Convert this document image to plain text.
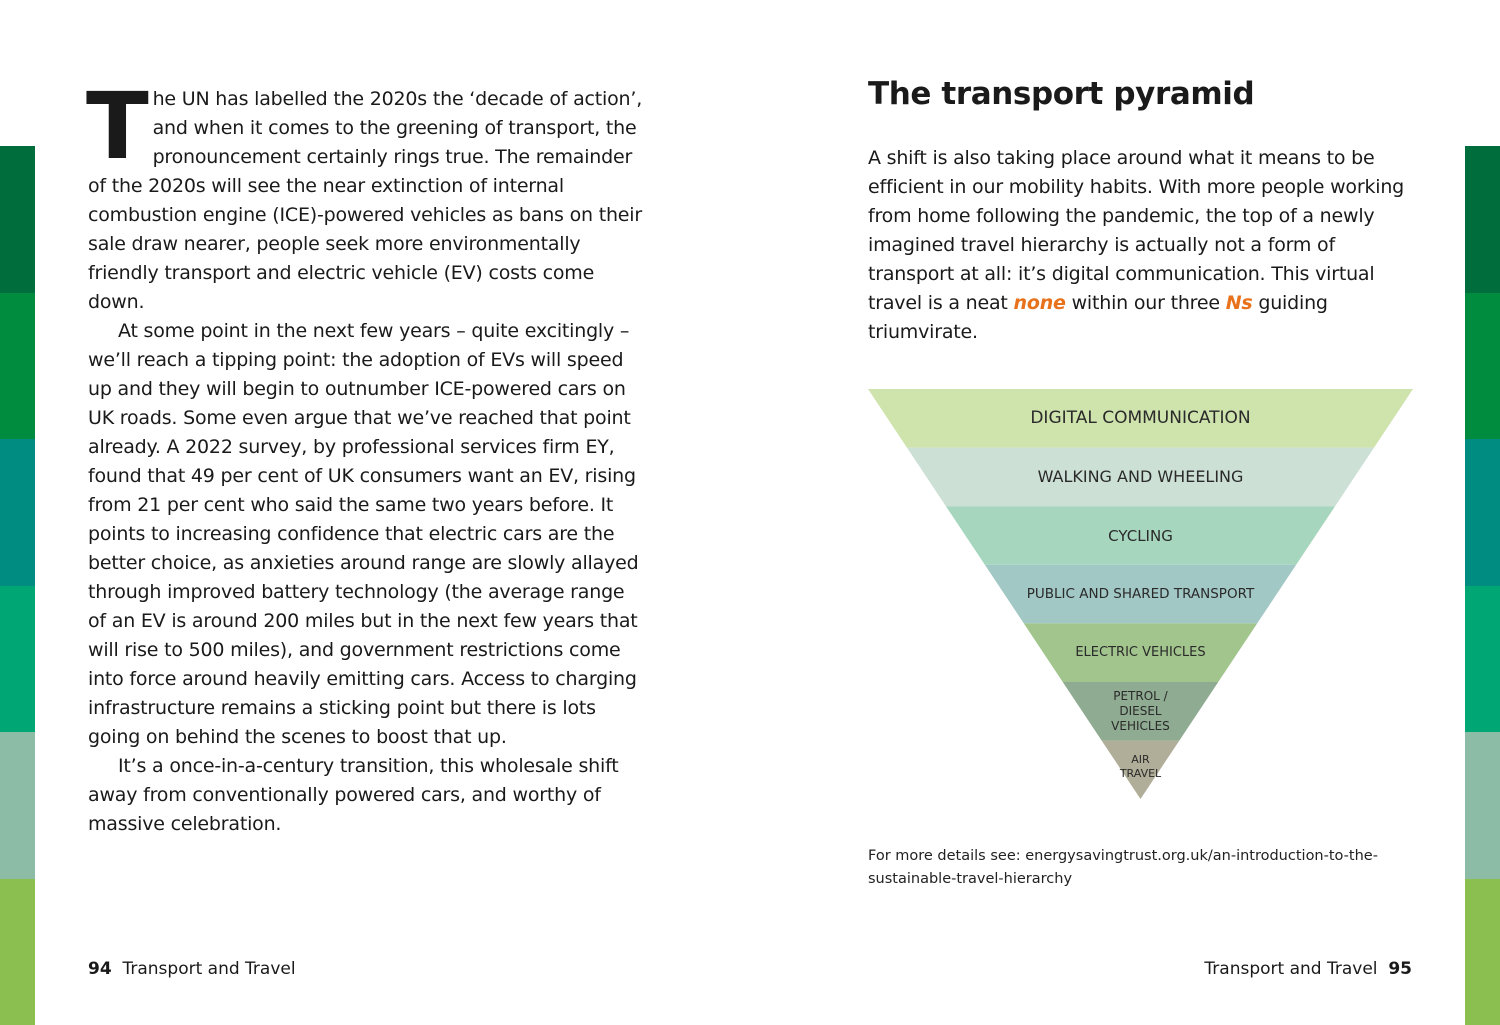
The UN has labelled the 2020s the ‘decade of action’, and when it comes to the greening of transport, the pronouncement certainly rings true. The remainder of the 2020s will see the near extinction of internal combustion engine (ICE)-powered vehicles as bans on their sale draw nearer, people seek more environmentally friendly transport and electric vehicle (EV) costs come down.

At some point in the next few years – quite excitingly – we’ll reach a tipping point: the adoption of EVs will speed up and they will begin to outnumber ICE-powered cars on UK roads. Some even argue that we’ve reached that point already. A 2022 survey, by professional services firm EY, found that 49 per cent of UK consumers want an EV, rising from 21 per cent who said the same two years before. It points to increasing confidence that electric cars are the better choice, as anxieties around range are slowly allayed through improved battery technology (the average range of an EV is around 200 miles but in the next few years that will rise to 500 miles), and government restrictions come into force around heavily emitting cars. Access to charging infrastructure remains a sticking point but there is lots going on behind the scenes to boost that up.

It’s a once-in-a-century transition, this wholesale shift away from conventionally powered cars, and worthy of massive celebration.

The transport pyramid

A shift is also taking place around what it means to be efficient in our mobility habits. With more people working from home following the pandemic, the top of a newly imagined travel hierarchy is actually not a form of transport at all: it’s digital communication. This virtual travel is a neat none within our three Ns guiding triumvirate.

DIGITAL COMMUNICATION
WALKING AND WHEELING
CYCLING
PUBLIC AND SHARED TRANSPORT
ELECTRIC VEHICLES
PETROL / DIESEL VEHICLES
AIR TRAVEL
For more details see: energysavingtrust.org.uk/an-introduction-to-the-sustainable-travel-hierarchy
94 Transport and Travel	Transport and Travel 95
